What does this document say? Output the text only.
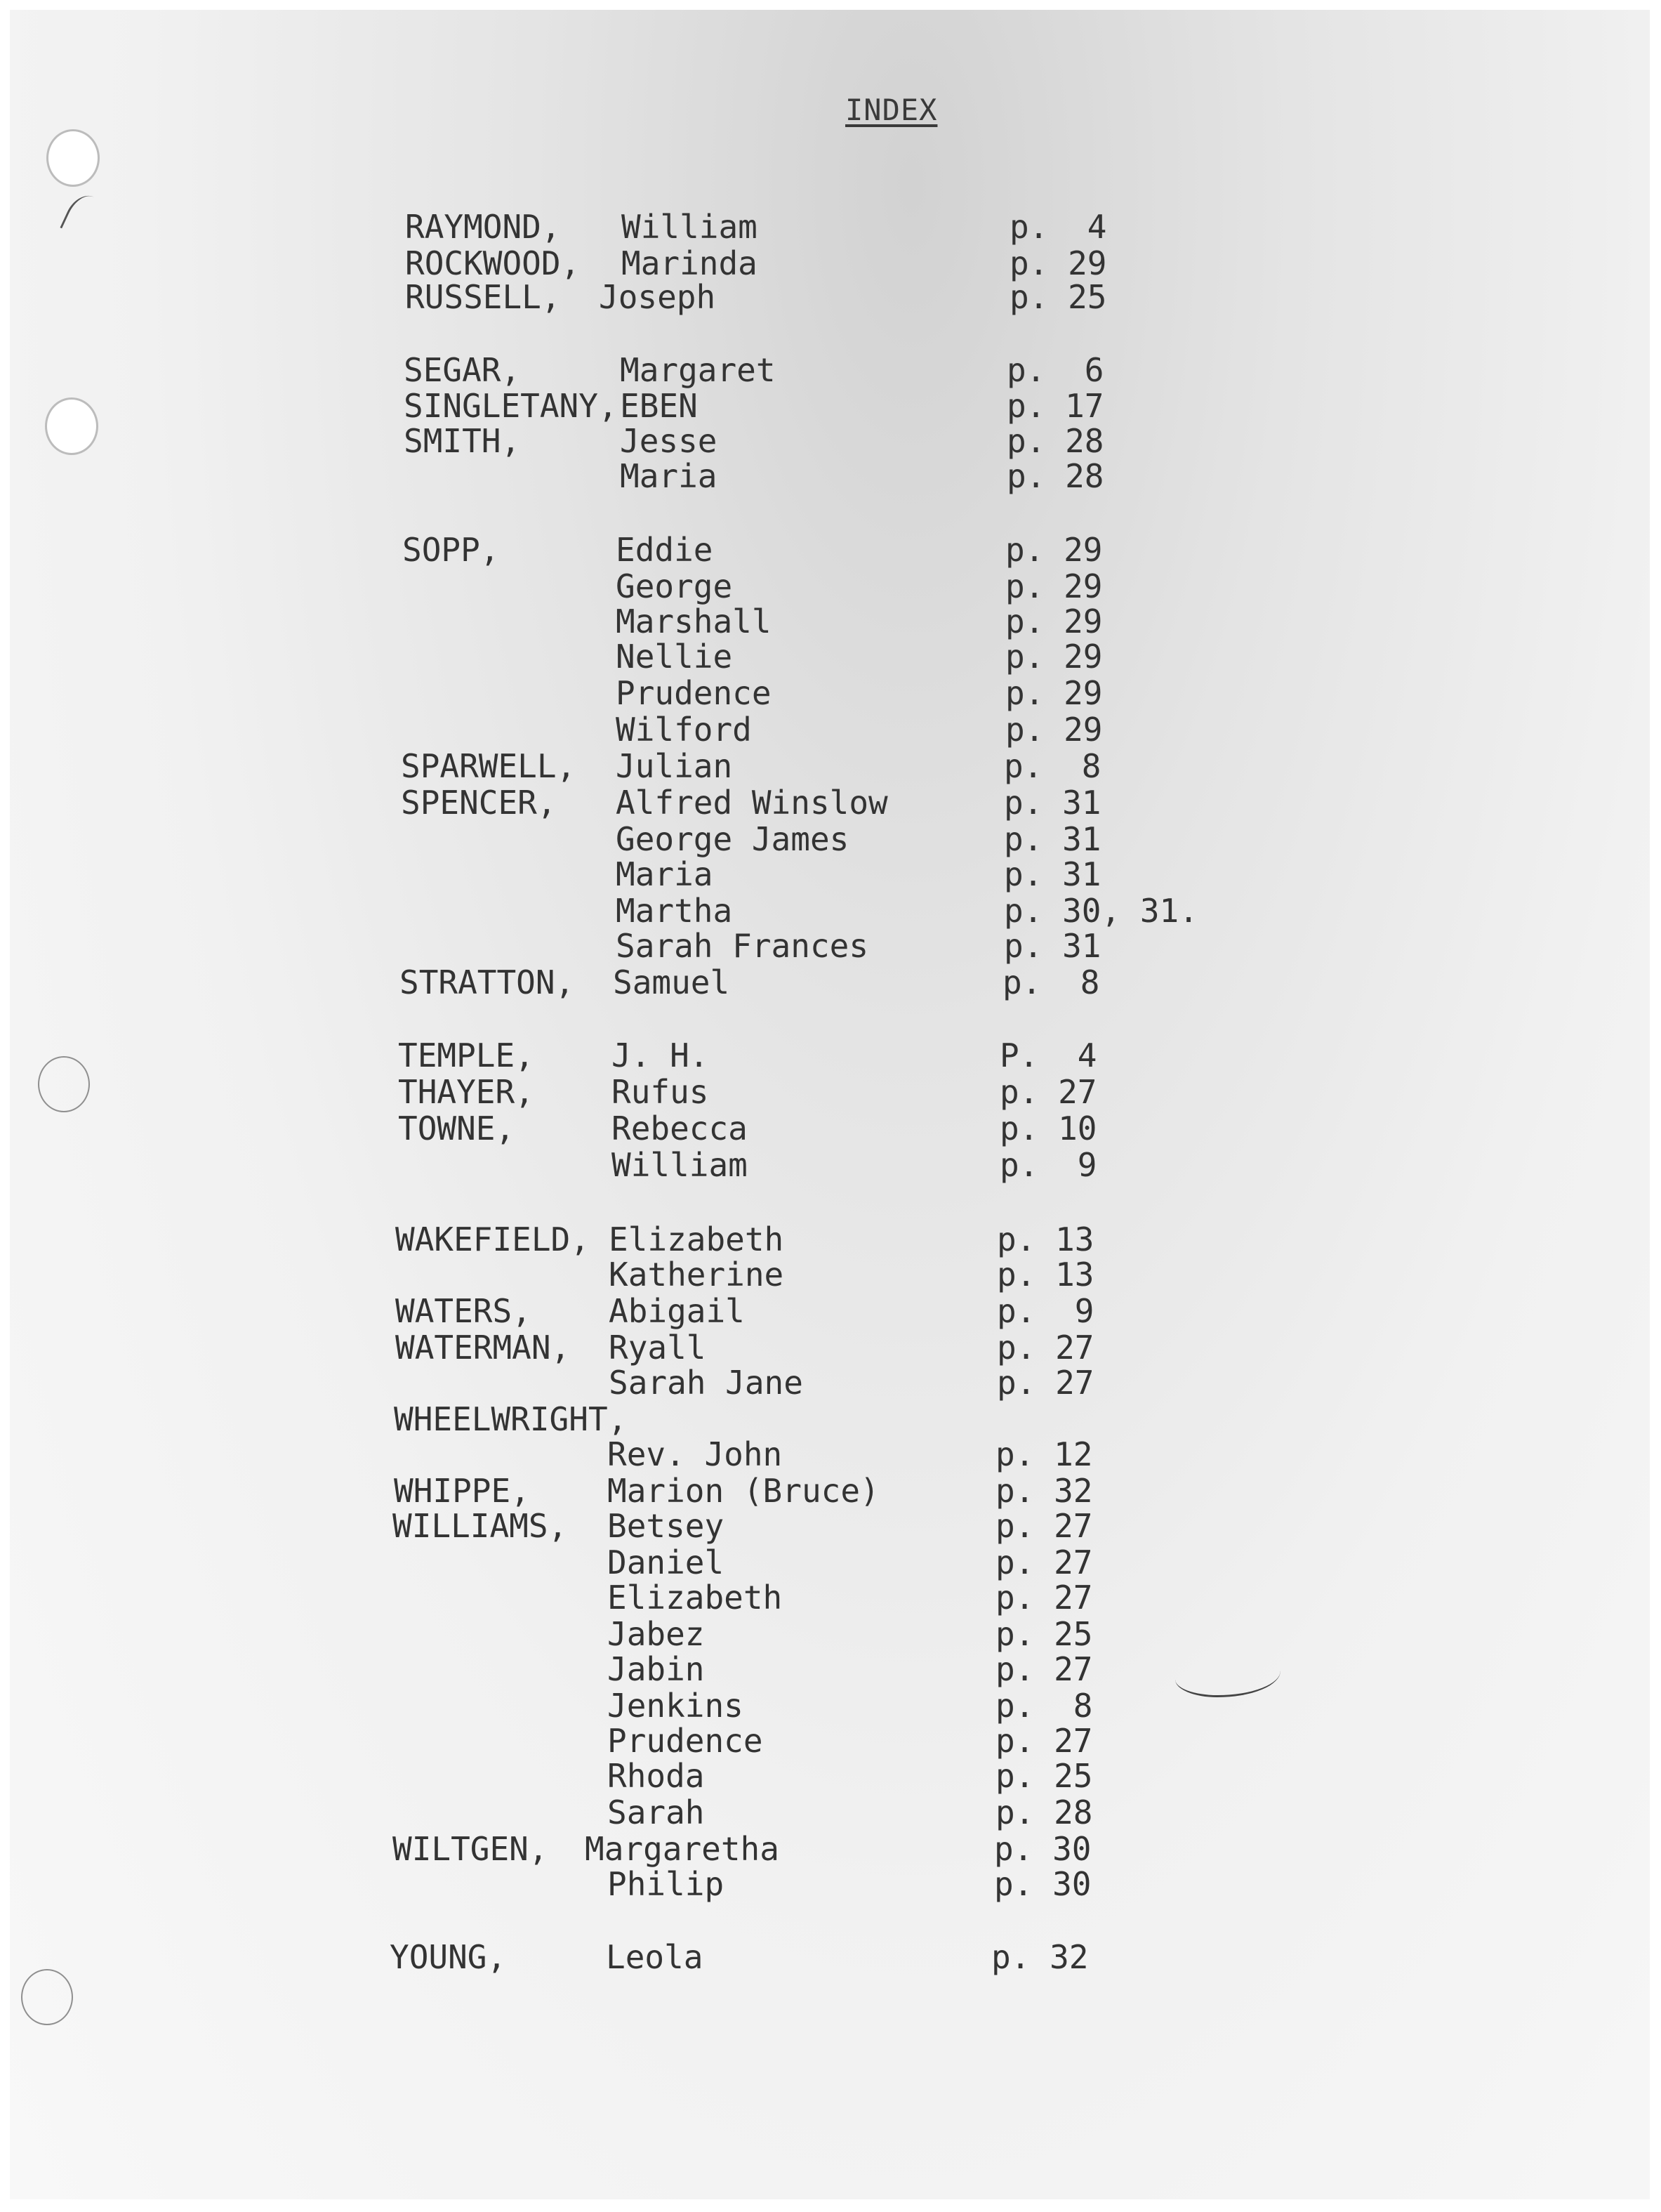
INDEX
RAYMOND, William	p.  4
ROCKWOOD, Marinda	p. 29
RUSSELL, Joseph	p. 25
SEGAR,	Margaret	p.  6
SINGLETANY, EBEN	p. 17
SMITH,	Jesse	p. 28
Maria	p. 28
SOPP,	Eddie	p. 29
George	p. 29
Marshall	p. 29
Nellie	p. 29
Prudence	p. 29
Wilford	p. 29
SPARWELL, Julian	p.  8
SPENCER, Alfred Winslow	p. 31
George James	p. 31
Maria	p. 31
Martha	p. 30, 31.
Sarah Frances	p. 31
STRATTON, Samuel	p.  8
TEMPLE, J. H.	P.  4
THAYER, Rufus	p. 27
TOWNE,	Rebecca	p. 10
William	p.  9
WAKEFIELD, Elizabeth	p. 13
Katherine	p. 13
WATERS, Abigail	p.  9
WATERMAN, Ryall	p. 27
Sarah Jane	p. 27
WHEELWRIGHT,
Rev. John	p. 12
WHIPPE, Marion (Bruce)	p. 32
WILLIAMS, Betsey	p. 27
Daniel	p. 27
Elizabeth	p. 27
Jabez	p. 25
Jabin	p. 27
Jenkins	p.  8
Prudence	p. 27
Rhoda	p. 25
Sarah	p. 28
WILTGEN, Margaretha	p. 30
Philip	p. 30
YOUNG,	Leola	p. 32
